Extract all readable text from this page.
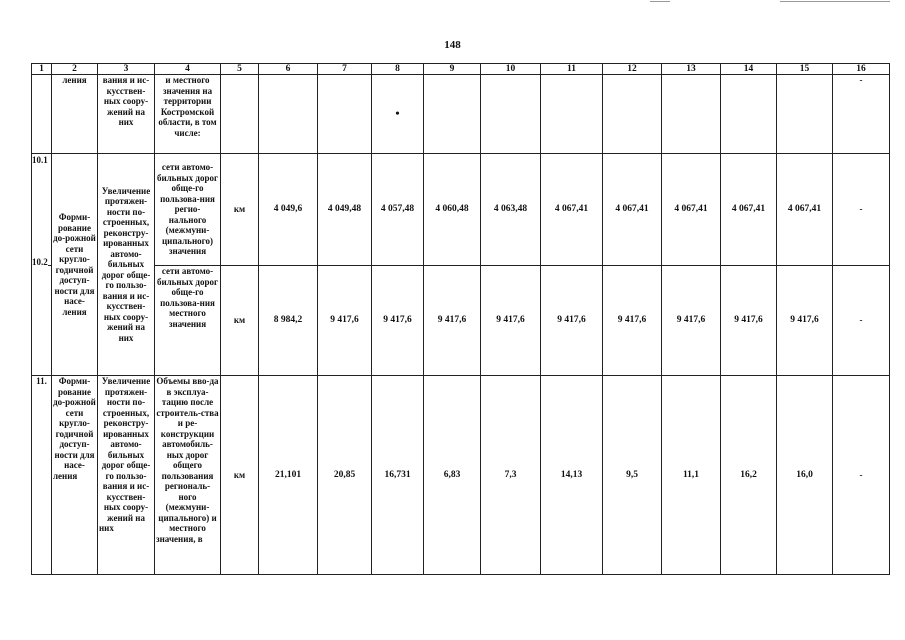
148
1	2	3	4	5	6	7	8	9	10	11	12	13	14	15	16
	ления	вания и ис-кусствен-ных соору-жений на них	и местного значения на территории Костромской области, в том числе:				•								-

10.1	Форми-рование до-рожной сети кругло-годичной доступ-ности для насе-ления	Увеличение протяжен-ности по-строенных, реконстру-ированных автомо-бильных дорог обще-го пользо-вания и ис-кусствен-ных соору-жений на них	сети автомо-бильных дорог обще-го пользова-ния регио-нального (межмуни-ципального) значения	км	4 049,6	4 049,48	4 057,48	4 060,48	4 063,48	4 067,41	4 067,41	4 067,41	4 067,41	4 067,41	-

10.2			сети автомо-бильных дорог обще-го пользова-ния местного значения	км	8 984,2	9 417,6	9 417,6	9 417,6	9 417,6	9 417,6	9 417,6	9 417,6	9 417,6	9 417,6	-
11.	Форми-рование до-рожной сети кругло-годичной доступ-ности для насе-ления	Увеличение протяжен-ности по-строенных, реконстру-ированных автомо-бильных дорог обще-го пользо-вания и ис-кусствен-ных соору-жений на них	Объемы вво-да в эксплуа-тацию после строитель-ства и ре-конструкции автомобиль-ных дорог общего пользования региональ-ного (межмуни-ципального) и местного значения, в	км	21,101	20,85	16,731	6,83	7,3	14,13	9,5	11,1	16,2	16,0	-
